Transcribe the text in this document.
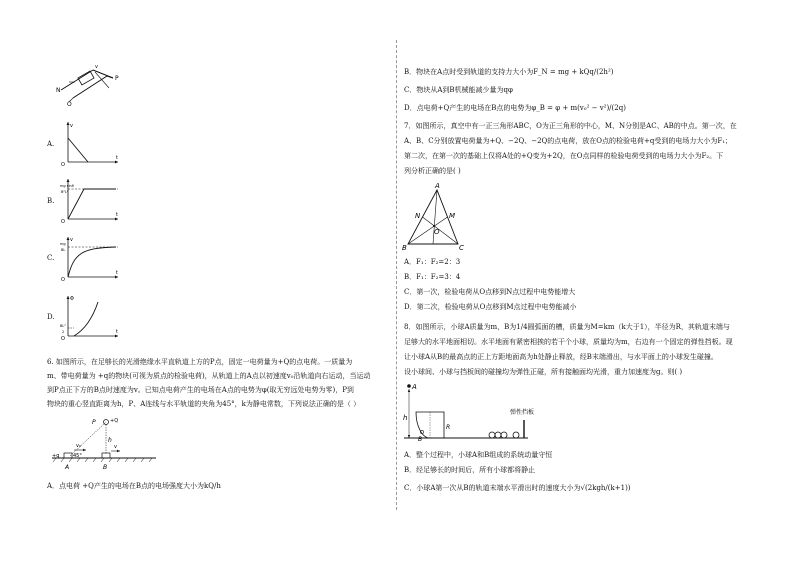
N
O
P
v
A.
O
v
t
B.
O
mg sinθ
B²L²
t
C.
O
v
mg
BL
t
D.
O
Φ
BL²
2	t
6. 如图所示，在足够长的光滑绝缘水平直轨道上方的P点，固定一电荷量为+Q的点电荷。一质量为
m、带电荷量为 +q的物块(可视为质点的检验电荷)，从轨道上的A点以初速度v₀沿轨道向右运动，当运动
到P点正下方的B点时速度为v。已知点电荷产生的电场在A点的电势为φ(取无穷远处电势为零)，P到
物块的重心竖直距离为h，P、A连线与水平轨道的夹角为45°，k为静电常数，下列说法正确的是（ ）
P	+Q
h
v₀
45°
+q
v
A	B
A．点电荷 +Q产生的电场在B点的电场强度大小为kQ/h
B．物块在A点时受到轨道的支持力大小为F_N = mg + kQq/(2h²)
C．物块从A到B机械能减少量为qφ
D．点电荷+Q产生的电场在B点的电势为φ_B = φ + m(v₀² − v²)/(2q)
7．如图所示，真空中有一正三角形ABC，O为正三角形的中心，M、N分别是AC、AB的中点。第一次，在
A、B、C分别放置电荷量为+Q、−2Q、−2Q的点电荷，放在O点的检验电荷+q受到的电场力大小为F₁；
第二次，在第一次的基础上仅将A处的+Q变为+2Q，在O点同样的检验电荷受到的电场力大小为F₂。下
列分析正确的是( )
A
B	C
M
N
O
A．F₁：F₂=2：3
B．F₁：F₂=3：4
C．第一次，检验电荷从O点移到N点过程中电势能增大
D．第二次，检验电荷从O点移到M点过程中电势能减小
8．如图所示，小球A质量为m，B为1/4圆弧面的槽，质量为M=km（k大于1），半径为R，其轨道末端与
足够大的水平地面相切。水平地面有紧密相挨的若干个小球，质量均为m，右边有一个固定的弹性挡板。现
让小球A从B的最高点的正上方距地面高为h处静止释放，经B末端滑出，与水平面上的小球发生碰撞。
设小球间、小球与挡板间的碰撞均为弹性正碰，所有接触面均光滑，重力加速度为g。则( )
A
h
B
R
弹性挡板
A．整个过程中，小球A和B组成的系统动量守恒
B．经足够长的时间后，所有小球都将静止
C．小球A第一次从B的轨道末端水平滑出时的速度大小为√(2kgh/(k+1))
